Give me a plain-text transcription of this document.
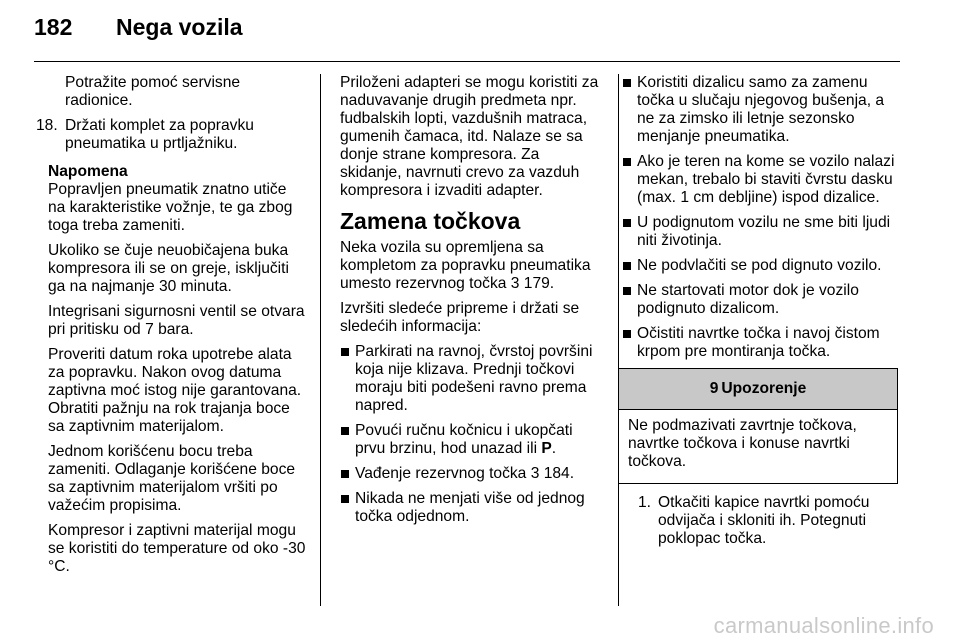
182 Nega vozila

Potražite pomoć servisne radionice.

18. Držati komplet za popravku pneumatika u prtljažniku.

Napomena

Popravljen pneumatik znatno utiče na karakteristike vožnje, te ga zbog toga treba zameniti.

Ukoliko se čuje neuobičajena buka kompresora ili se on greje, isključiti ga na najmanje 30 minuta.

Integrisani sigurnosni ventil se otvara pri pritisku od 7 bara.

Proveriti datum roka upotrebe alata za popravku. Nakon ovog datuma zaptivna moć istog nije garantovana. Obratiti pažnju na rok trajanja boce sa zaptivnim materijalom.

Jednom korišćenu bocu treba zameniti. Odlaganje korišćene boce sa zaptivnim materijalom vršiti po važećim propisima.

Kompresor i zaptivni materijal mogu se koristiti do temperature od oko -30 °C.

Priloženi adapteri se mogu koristiti za naduvavanje drugih predmeta npr. fudbalskih lopti, vazdušnih matraca, gumenih čamaca, itd. Nalaze se sa donje strane kompresora. Za skidanje, navrnuti crevo za vazduh kompresora i izvaditi adapter.

Zamena točkova

Neka vozila su opremljena sa kompletom za popravku pneumatika umesto rezervnog točka 3 179.

Izvršiti sledeće pripreme i držati se sledećih informacija:

Parkirati na ravnoj, čvrstoj površini koja nije klizava. Prednji točkovi moraju biti podešeni ravno prema napred.
Povući ručnu kočnicu i ukopčati prvu brzinu, hod unazad ili P.
Vađenje rezervnog točka 3 184.
Nikada ne menjati više od jednog točka odjednom.
Koristiti dizalicu samo za zamenu točka u slučaju njegovog bušenja, a ne za zimsko ili letnje sezonsko menjanje pneumatika.
Ako je teren na kome se vozilo nalazi mekan, trebalo bi staviti čvrstu dasku (max. 1 cm debljine) ispod dizalice.
U podignutom vozilu ne sme biti ljudi niti životinja.
Ne podvlačiti se pod dignuto vozilo.
Ne startovati motor dok je vozilo podignuto dizalicom.
Očistiti navrtke točka i navoj čistom krpom pre montiranja točka.
9 Upozorenje
Ne podmazivati zavrtnje točkova, navrtke točkova i konuse navrtki točkova.
1. Otkačiti kapice navrtki pomoću odvijača i skloniti ih. Potegnuti poklopac točka.
carmanualsonline.info
